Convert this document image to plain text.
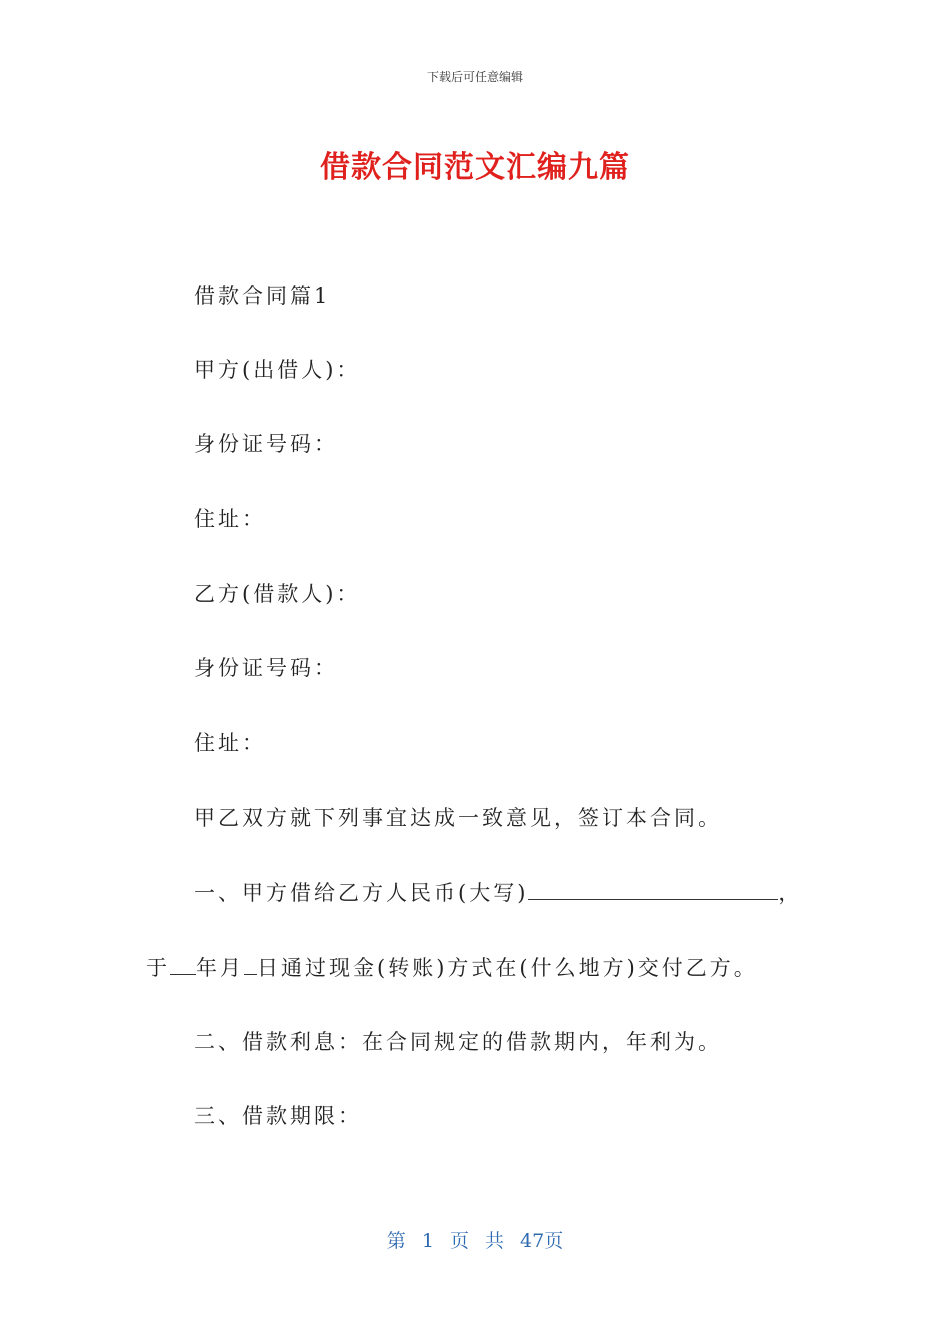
下载后可任意编辑
借款合同范文汇编九篇
借款合同篇1
甲方(出借人)：
身份证号码：
住址：
乙方(借款人)：
身份证号码：
住址：
甲乙双方就下列事宜达成一致意见，签订本合同。
一、甲方借给乙方人民币(大写)	，
于 年月 日通过现金(转账)方式在(什么地方)交付乙方。
二、借款利息：在合同规定的借款期内，年利为。
三、借款期限：
第 1 页 共 47页
